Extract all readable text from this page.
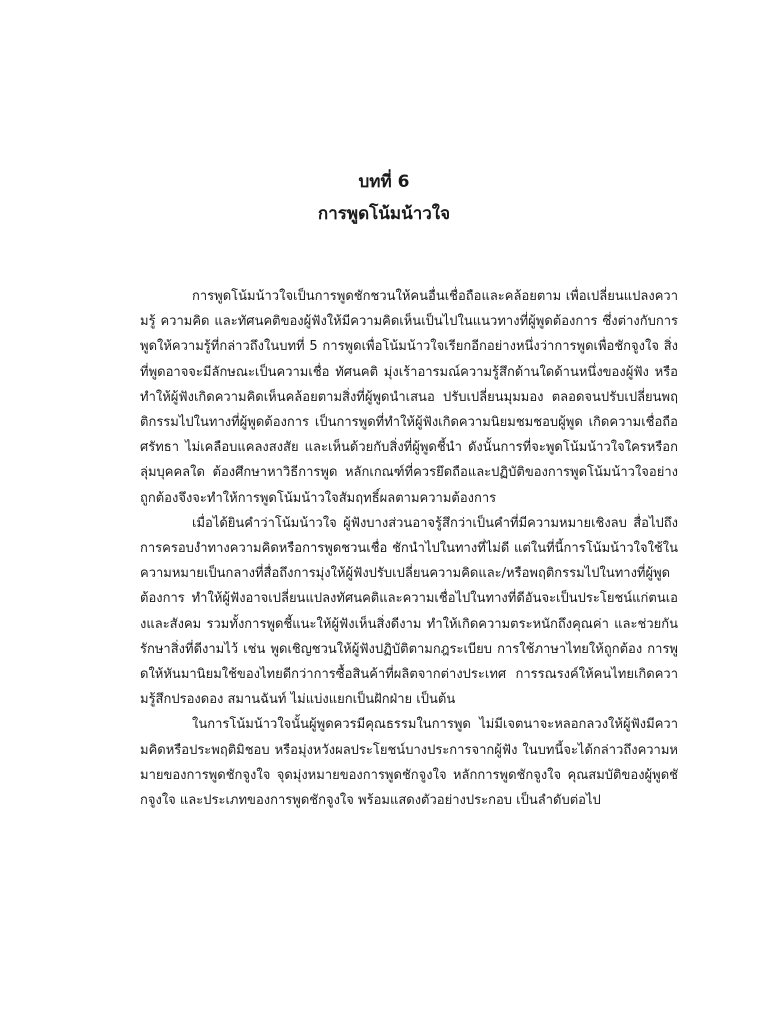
บทที่ 6
การพูดโน้มน้าวใจ

การพูดโน้มน้าวใจเป็นการพูดชักชวนให้คนอื่นเชื่อถือและคล้อยตาม เพื่อเปลี่ยนแปลงความรู้ ความคิด และทัศนคติของผู้ฟังให้มีความคิดเห็นเป็นไปในแนวทางที่ผู้พูดต้องการ ซึ่งต่างกับการพูดให้ความรู้ที่กล่าวถึงในบทที่ 5 การพูดเพื่อโน้มน้าวใจเรียกอีกอย่างหนึ่งว่าการพูดเพื่อชักจูงใจ สิ่งที่พูดอาจจะมีลักษณะเป็นความเชื่อ ทัศนคติ มุ่งเร้าอารมณ์ความรู้สึกด้านใดด้านหนึ่งของผู้ฟัง หรือทำให้ผู้ฟังเกิดความคิดเห็นคล้อยตามสิ่งที่ผู้พูดนำเสนอ ปรับเปลี่ยนมุมมอง ตลอดจนปรับเปลี่ยนพฤติกรรมไปในทางที่ผู้พูดต้องการ เป็นการพูดที่ทำให้ผู้ฟังเกิดความนิยมชมชอบผู้พูด เกิดความเชื่อถือศรัทธา ไม่เคลือบแคลงสงสัย และเห็นด้วยกับสิ่งที่ผู้พูดชี้นำ ดังนั้นการที่จะพูดโน้มน้าวใจใครหรือกลุ่มบุคคลใด ต้องศึกษาหาวิธีการพูด หลักเกณฑ์ที่ควรยึดถือและปฏิบัติของการพูดโน้มน้าวใจอย่างถูกต้องจึงจะทำให้การพูดโน้มน้าวใจสัมฤทธิ์ผลตามความต้องการ

เมื่อได้ยินคำว่าโน้มน้าวใจ ผู้ฟังบางส่วนอาจรู้สึกว่าเป็นคำที่มีความหมายเชิงลบ สื่อไปถึงการครอบงำทางความคิดหรือการพูดชวนเชื่อ ชักนำไปในทางที่ไม่ดี แต่ในที่นี้การโน้มน้าวใจใช้ในความหมายเป็นกลางที่สื่อถึงการมุ่งให้ผู้ฟังปรับเปลี่ยนความคิดและ/หรือพฤติกรรมไปในทางที่ผู้พูดต้องการ ทำให้ผู้ฟังอาจเปลี่ยนแปลงทัศนคติและความเชื่อไปในทางที่ดีอันจะเป็นประโยชน์แก่ตนเองและสังคม รวมทั้งการพูดชี้แนะให้ผู้ฟังเห็นสิ่งดีงาม ทำให้เกิดความตระหนักถึงคุณค่า และช่วยกันรักษาสิ่งที่ดีงามไว้ เช่น พูดเชิญชวนให้ผู้ฟังปฏิบัติตามกฎระเบียบ การใช้ภาษาไทยให้ถูกต้อง การพูดให้หันมานิยมใช้ของไทยดีกว่าการซื้อสินค้าที่ผลิตจากต่างประเทศ การรณรงค์ให้คนไทยเกิดความรู้สึกปรองดอง สมานฉันท์ ไม่แบ่งแยกเป็นฝักฝ่าย เป็นต้น

ในการโน้มน้าวใจนั้นผู้พูดควรมีคุณธรรมในการพูด ไม่มีเจตนาจะหลอกลวงให้ผู้ฟังมีความคิดหรือประพฤติมิชอบ หรือมุ่งหวังผลประโยชน์บางประการจากผู้ฟัง ในบทนี้จะได้กล่าวถึงความหมายของการพูดชักจูงใจ จุดมุ่งหมายของการพูดชักจูงใจ หลักการพูดชักจูงใจ คุณสมบัติของผู้พูดชักจูงใจ และประเภทของการพูดชักจูงใจ พร้อมแสดงตัวอย่างประกอบ เป็นลำดับต่อไป
